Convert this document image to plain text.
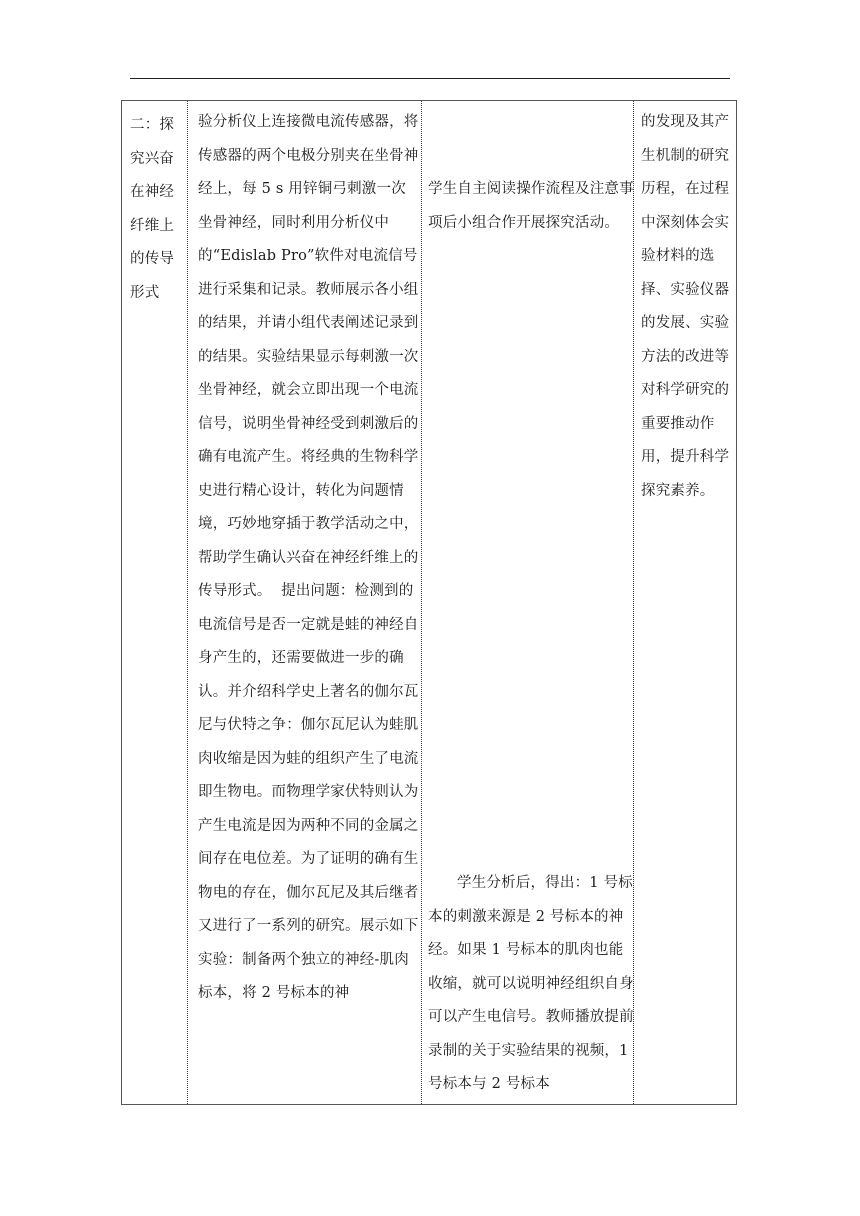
二：探究兴奋在神经纤维上的传导形式
验分析仪上连接微电流传感器，将传感器的两个电极分别夹在坐骨神经上，每 5 s 用锌铜弓刺激一次坐骨神经，同时利用分析仪中的“Edislab Pro”软件对电流信号进行采集和记录。教师展示各小组的结果，并请小组代表阐述记录到的结果。实验结果显示每刺激一次坐骨神经，就会立即出现一个电流信号，说明坐骨神经受到刺激后的确有电流产生。将经典的生物科学史进行精心设计，转化为问题情境，巧妙地穿插于教学活动之中，帮助学生确认兴奋在神经纤维上的传导形式。  提出问题：检测到的电流信号是否一定就是蛙的神经自身产生的，还需要做进一步的确认。并介绍科学史上著名的伽尔瓦尼与伏特之争：伽尔瓦尼认为蛙肌肉收缩是因为蛙的组织产生了电流即生物电。而物理学家伏特则认为产生电流是因为两种不同的金属之间存在电位差。为了证明的确有生物电的存在，伽尔瓦尼及其后继者又进行了一系列的研究。展示如下实验：制备两个独立的神经-肌肉标本，将 2 号标本的神
学生自主阅读操作流程及注意事项后小组合作开展探究活动。
学生分析后，得出：1 号标本的刺激来源是 2 号标本的神经。如果 1 号标本的肌肉也能收缩，就可以说明神经组织自身可以产生电信号。教师播放提前录制的关于实验结果的视频，1 号标本与 2 号标本
的发现及其产生机制的研究历程，在过程中深刻体会实验材料的选择、实验仪器的发展、实验方法的改进等对科学研究的重要推动作用，提升科学探究素养。
